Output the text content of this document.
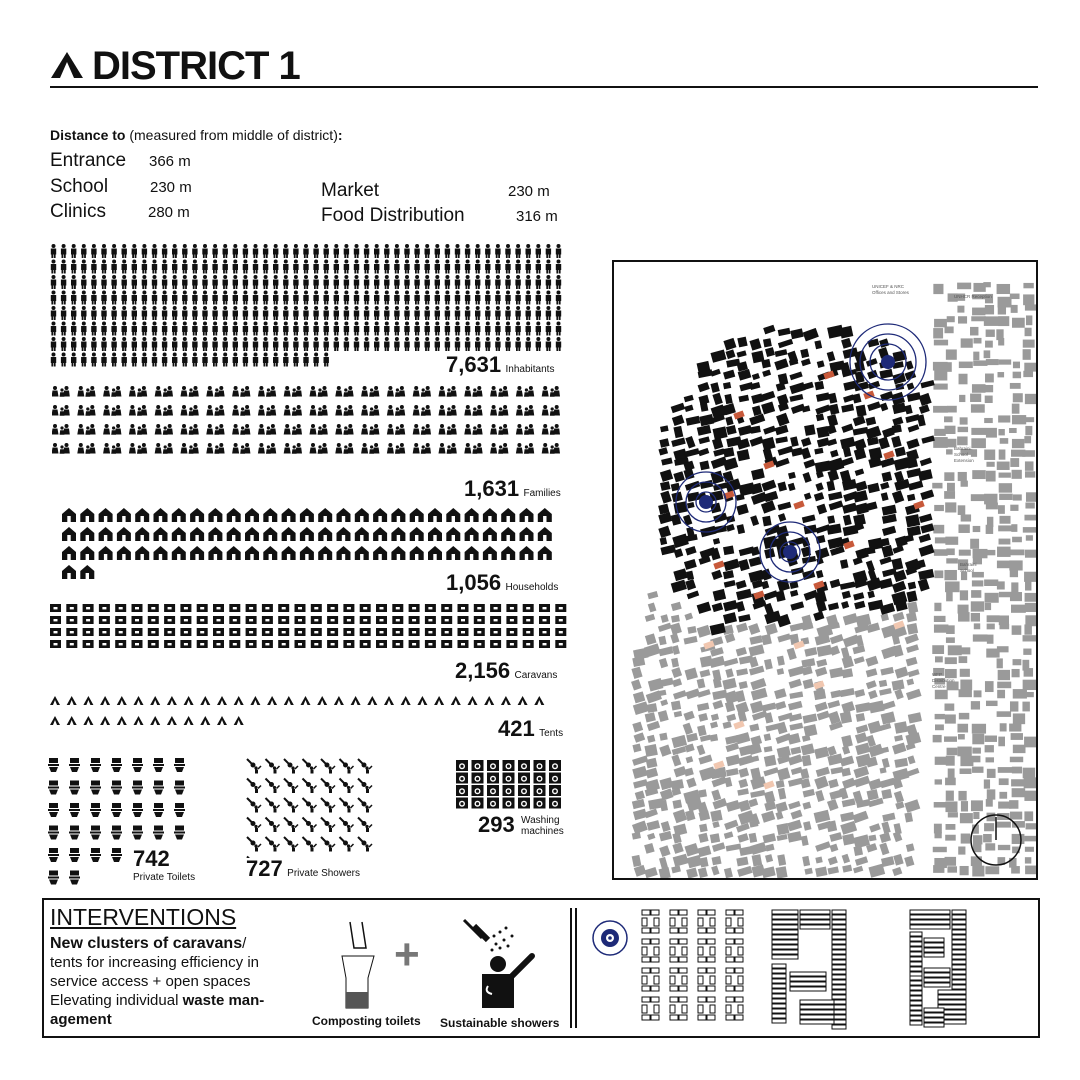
DISTRICT 1
Distance to (measured from middle of district):
Entrance 366 m
School	230 m
Clinics	280 m
Market	230 m
Food Distribution	316 m
7,631 Inhabitants
1,631 Families
1,056 Households
2,156 Caravans
421 Tents
742
Private Toilets 727 Private Showers
293 Washing
machines
UNICEF & NRC Offices and Stores
UNHCR Reception
Bahraini School Extension
Bahraini School
WFP Distribution Centre
INTERVENTIONS
New clusters of caravans/
tents for increasing efficiency in
service access + open spaces
Elevating individual waste man-
agement	Composting toilets
+
Sustainable showers
